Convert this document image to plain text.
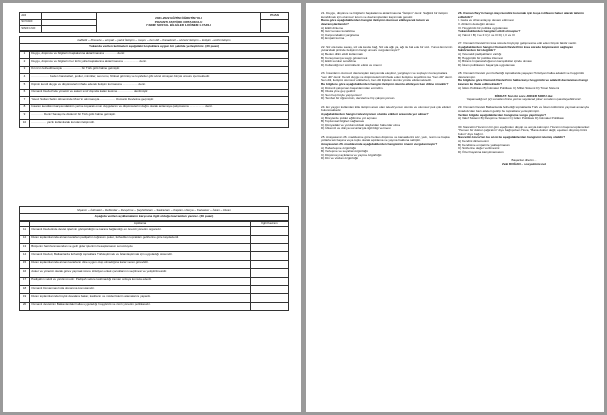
ADI		2021-2022 EĞİTİM ÖĞRETİM YILI
POZANTI ATATÜRK ORTAOKULU
7.SINIF SOSYAL BİLGİLER 1.DÖNEM 1.YAZILI	PUAN
SOYADI:			
SINIFI-NO:			
kalifelik – Preveze – empati – yazılı İletişim – meşru – ben dili – Karadeniz – sözsüz iletişim – iletişim –sözlü iletişim
Yukarıda verilen kelimeleri aşağıdaki boşluklara uygun bir şekilde yerleştiriniz. (30 puan)
1	Duygu, düşünce ve bilgilerin başkalarına aktarılmasına ………… denir.
2	Duygu, düşünce ve bilgilerin her türlü yolla başkalarına aktarılmasına …………… denir.
3	Kırım'ın fethedilmesiyle ……………… bir Türk gölü haline gelmiştir.
4	……………… beden hareketleri, jestler, mimikler, ses tonu, fiziksel görünüş ve kıyafetler gibi sözel olmayan birçok unsuru içermektedir.
5	Kişinin kendi duygu ve düşüncelerini ifade ederek iletişim kurmasına …………… denir.
6	Osmanlı Devleti'nde yönetici ve askeri sınıf dışında kalan kesime …………… denilmiştir.
7	Yavuz Sultan Selim döneminde Mısır'ın alınmasıyla …………… Osmanlı Devletine geçmiştir.
8	İnsanın kendisini karşısındakinin yerine koyarak onun duygularını ve düşüncelerini doğru olarak anlamaya çalışmasına …………… denir.
9	………… Deniz Savaşı ile Akdeniz bir Türk gölü haline gelmiştir.
10	…………… yazılı kullanılarak kurulan iletişimdir.
Nişancı – İstimalet – Defterdar – Devşirme – Şeyhülislam – Sadrazam – Kaptan-ı Derya – Kazasker – İskan – Divan
Aşağıda verilen açıklamaların karşısına ilgili olduğu kavramları yazınız. (30 puan)
	Açıklama	İlgili Kavram
11	Osmanlı Devletinde devlet işlerinin görüşüldüğü ve karara bağlandığı en önemli yönetim organıdır.	
12	Divan toplantılarında alınan kararları padişahın tuğrasını çeker, fethedilen toprakları gelirlerine göre kaydederdi.	
13	Bütçenin hazırlanmasından ve gelir gider işlerinin hesaplamasın sorumluydu.	
14	Osmanlı Devleti, Balkanlarda fethettiği topraklara Türkleştirmek ve İslamlaştırmak için uyguladığı sistemdir.	
15	Divan toplantılarında alınan kararların dine uygun olup olmadığına karar veren görevlidir.	
16	Asker ve yönetici olarak görev yapmak üzere Hristiyan erkek çocuklarının seçilmesi ve yetiştirilmesidir.	
17	Padişahın vekili ve yardımcısıdır. Padişah sefere katılmadığı zaman orduya komuta ederdi.	
18	Osmanlı Donanması'nda donanma komutanıdır.	
19	Divan toplantılarında büyük davalara bakar, kadıların ve müderrislerin atamalarını yapardı.	
20	Osmanlı devletinin Balkanlardaki halka uyguladığı hoşgörülü ve ılımlı yönetim politikasıdır.	
21. Duygu, düşünce ve bilgilerin başkalarına aktarılmasına "İletişim" denir. Sağlıklı bir iletişim kurabilmek için olumsuz tutum ve davranışlardan kaçınmak gerekir.
Buna göre aşağıdakilerden hangisi iletişimi olumsuz etkileyecek tutum ve davranışlardandır?
A) Etkili dinleme
B) Göz teması kurabilme
C) Karşısındakini yargılama
D) Empati kurma
22. Siz ola keke savaş, siz ola kesite bağ, Siz ola ağlı ya, ağı ile bal ede bir söz. Yunus Emre'nin yukarıdaki şiirinde iletişimin hangi unsuru vurgulanmıştır?
A) Beden dilini etkili kullanmak
B) Konuşmacıya saygı göstermek
C) Etkili sorular sorabilme
D) Kullandığımız sözcüklerin etkisi ve önemi
23. İnsanların olumsuz davranışları karşısında eleştirel, yargılayıcı ve suçlayıcı konuşmalara "sen dili" denir. Kendi duygu ve düşüncelerimizi ifade eden iletişime teşebbüs ise "ben dili" denir. Sen dili, iletişimi olumsuz etkilerken, ben dili ilişkileri olumlu yönde etkilemektedir.
Bu bilgilere göre aşağıdakilerden hangisi iletişimi olumlu etkileyen ben diline örnektir?
A) Düzenli çalışırsan başarılarından emindim.
B) Okula yine geç geldin!
C) Sen hep böyle yapıyorsun!
D) Tembel bir öğrencisin, derslerine hiç çalışmıyorsun.
24. En yaygın kullanılan kitle iletişim aracı olan televizyonun olumlu ve olumsuz pek çok etkileri bulunmaktadır.
Aşağıdakilerden hangisi televizyonun olumlu etkileri arasında yer almaz?
A) Bireylerde şiddet eğilimine yol açması
B) Toplumsal bilgileri sağlaması
C) Dünyadaki ve yurdumuzdaki olaylardan haberdar olma
D) Ülkemiz ve dünya sorunlarıyla ilgili bilgi vermesi
25. Anayasanın 26. maddesine göre herkes düşünce ve kanaatlerini söz, yazı, resim ve başka yollarla tek başına veya toplu olarak açıklama ve yayma hakkına sahiptir.
Anayasanın 26. maddesinde aşağıdakilerden hangisinin önemi vurgulanmıştır?
A) Haberleşme özgürlüğü
B) Yerleşme ve seyahat özgürlüğü
C) Düşünceyi açıklama ve yayma özgürlüğü
D) Din ve vicdan özgürlüğü
26. Osman Bey'in hangi olayı kendini korumak için boşa istifasını haber alarak tahmin edilebilir?
I. Gaza ve cihat anlayışı devam ettirmesi
II. Ahilerin desteğini alması
III. Hoşgörülü bir politika uygulaması
Yukarıdakilerden hangileri etkili olmuştur?
A) Yalnız I B) I ve II C) I ve III D) I, II ve III
27. Osmanlı Devleti'nin kısa sürede büyüyüp gelişmesine etki eden birçok faktör vardır.
Aşağıdakilerden hangisi Osmanlı Devleti'nin kısa sürede büyümesini sağlayan faktörlerden biri değildir?
A) Yetenekli padişahların varlığı
B) Hoşgörülü bir politika izlemesi
C) Bizans İmparatorluğunun karışıklıklar içinde olması
D) İslam politikasını başarıyla uygulaması
28. Osmanlı Devleti yeni fethettiği topraklarda yaşayan Hıristiyan halka adaletli ve hoşgörülü davranmıştır.
Bu bilgilere göre Osmanlı Devleti'nin halka karşı hoşgörülü ve adaletli davranması hangi kavram ile ifade edilmektedir?
A) İslâm Politikası B) İstimalet Politikası C) Millet Sistemi D) Timar Sistemi
DİKKAT: Son iki soru JOKER SORU dur.
Yapamadığınız (2) sorudan birine yerine sayılacak joker soruların işaretleyebilirsiniz.
29. Osmanlı Devleti Balkanlarda fethettiği topraklarda Türk ve İslam kültürünü yaymak amacıyla Anadolu'dan bazı aileleri getirip bu topraklara yerleştirmiştir.
Verilen bilgide aşağıdakilerden hangisine vurgu yapılmıştır?
A) Vakıf Sistemi B) Devşirme Sistemi C) İslâm Politikası D) İstimalet Politikası
30. Nasrettin Hoca'nın bir gün eşeğinden düşüp ve acıyla kalmıştır. Hoca'nın başına toplananlar: "Hemen bir doktor çağıralım" diye bağrışırken Hoca, "Bana doktor değil, eşekten düşmüş birini bulun" diye bağırır.
Nasrettin Hoca'nın bu sözü ile aşağıdakilerden hangisini istemiş olabilir?
A) Kendini dinlemesini
B) Kendisine empati ile yaklaşılmasını
C) Sözlerine değer verilmesini
D) Özel hayatına karışılmamasını
Başarılar dilerim...
Zeki DOĞAN – sosyalciniz.net
